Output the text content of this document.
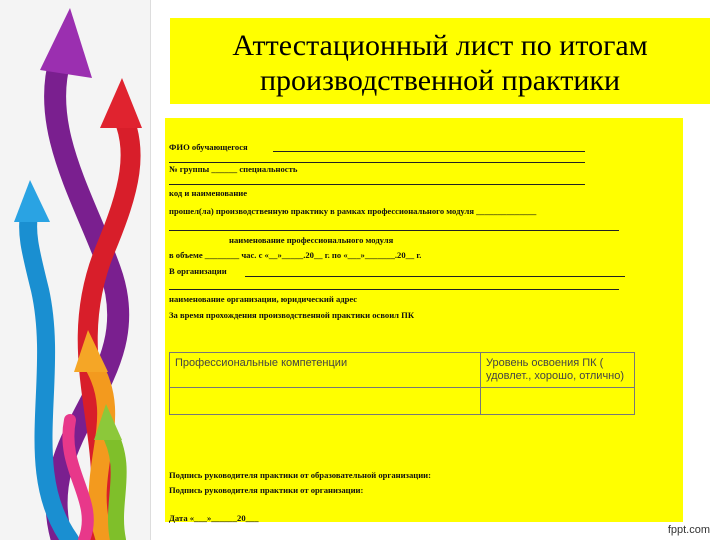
Аттестационный лист по итогам
производственной практики
ФИО обучающегося
№ группы ______ специальность
код и наименование
прошел(ла) производственную практику в рамках профессионального модуля ______________
наименование профессионального модуля
в объеме ________ час. с «__»_____.20__ г. по «___»_______.20__ г.
В организации
наименование организации, юридический адрес
За время прохождения производственной практики освоил ПК
Профессиональные компетенции	Уровень освоения ПК ( удовлет., хорошо, отлично)

Подпись руководителя практики от образовательной организации:
Подпись руководителя практики от организации:
Дата «___»______20___
fppt.com
